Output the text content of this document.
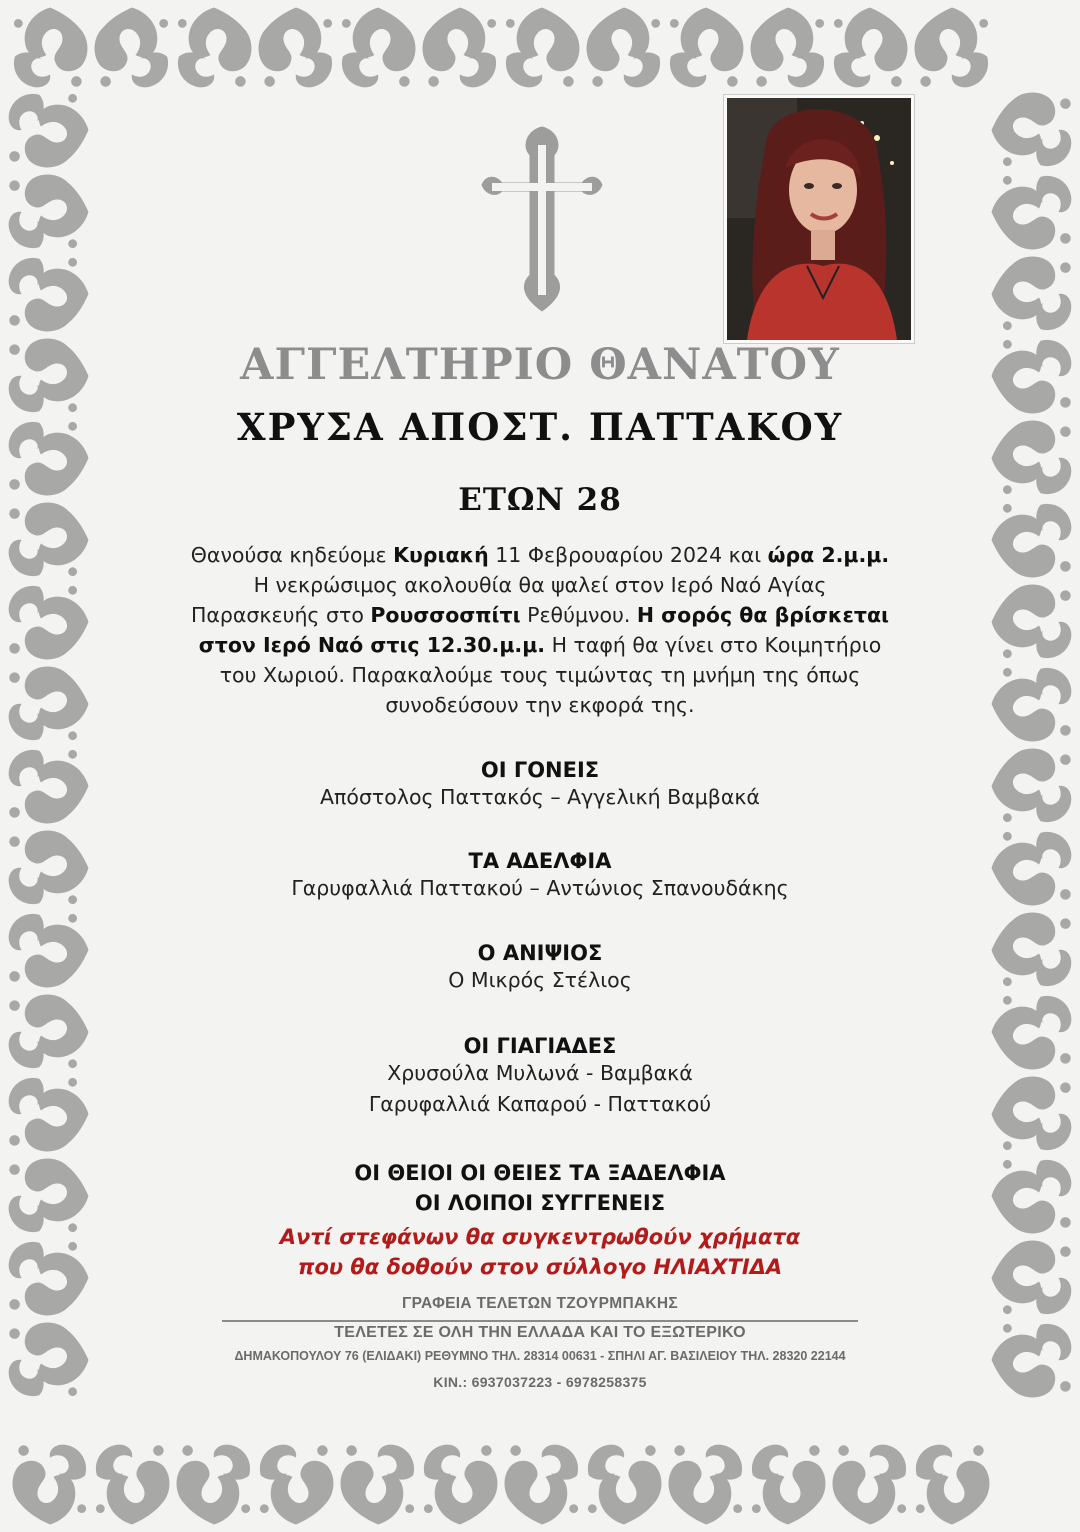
ΑΓΓΕΛΤΗΡΙΟ ΘΑΝΑΤΟΥ
ΧΡΥΣΑ ΑΠΟΣΤ. ΠΑΤΤΑΚΟΥ
ΕΤΩΝ 28
Θανούσα κηδεύομε Κυριακή 11 Φεβρουαρίου 2024 και ώρα 2.μ.μ.
Η νεκρώσιμος ακολουθία θα ψαλεί στον Ιερό Ναό Αγίας
Παρασκευής στο Ρουσσοσπίτι Ρεθύμνου. Η σορός θα βρίσκεται
στον Ιερό Ναό στις 12.30.μ.μ. Η ταφή θα γίνει στο Κοιμητήριο
του Χωριού. Παρακαλούμε τους τιμώντας τη μνήμη της όπως
συνοδεύσουν την εκφορά της.
ΟΙ ΓΟΝΕΙΣ
Απόστολος Παττακός – Αγγελική Βαμβακά
ΤΑ ΑΔΕΛΦΙΑ
Γαρυφαλλιά Παττακού – Αντώνιος Σπανουδάκης
Ο ΑΝΙΨΙΟΣ
Ο Μικρός Στέλιος
ΟΙ ΓΙΑΓΙΑΔΕΣ
Χρυσούλα Μυλωνά - Βαμβακά
Γαρυφαλλιά Καπαρού - Παττακού
ΟΙ ΘΕΙΟΙ ΟΙ ΘΕΙΕΣ ΤΑ ΞΑΔΕΛΦΙΑ
ΟΙ ΛΟΙΠΟΙ ΣΥΓΓΕΝΕΙΣ
Αντί στεφάνων θα συγκεντρωθούν χρήματα
που θα δοθούν στον σύλλογο ΗΛΙΑΧΤΙΔΑ
ΓΡΑΦΕΙΑ ΤΕΛΕΤΩΝ ΤΖΟΥΡΜΠΑΚΗΣ
ΤΕΛΕΤΕΣ ΣΕ ΟΛΗ ΤΗΝ ΕΛΛΑΔΑ ΚΑΙ ΤΟ ΕΞΩΤΕΡΙΚΟ
ΔΗΜΑΚΟΠΟΥΛΟΥ 76 (ΕΛΙΔΑΚΙ) ΡΕΘΥΜΝΟ ΤΗΛ. 28314 00631 - ΣΠΗΛΙ ΑΓ. ΒΑΣΙΛΕΙΟΥ ΤΗΛ. 28320 22144
ΚΙΝ.: 6937037223 - 6978258375
